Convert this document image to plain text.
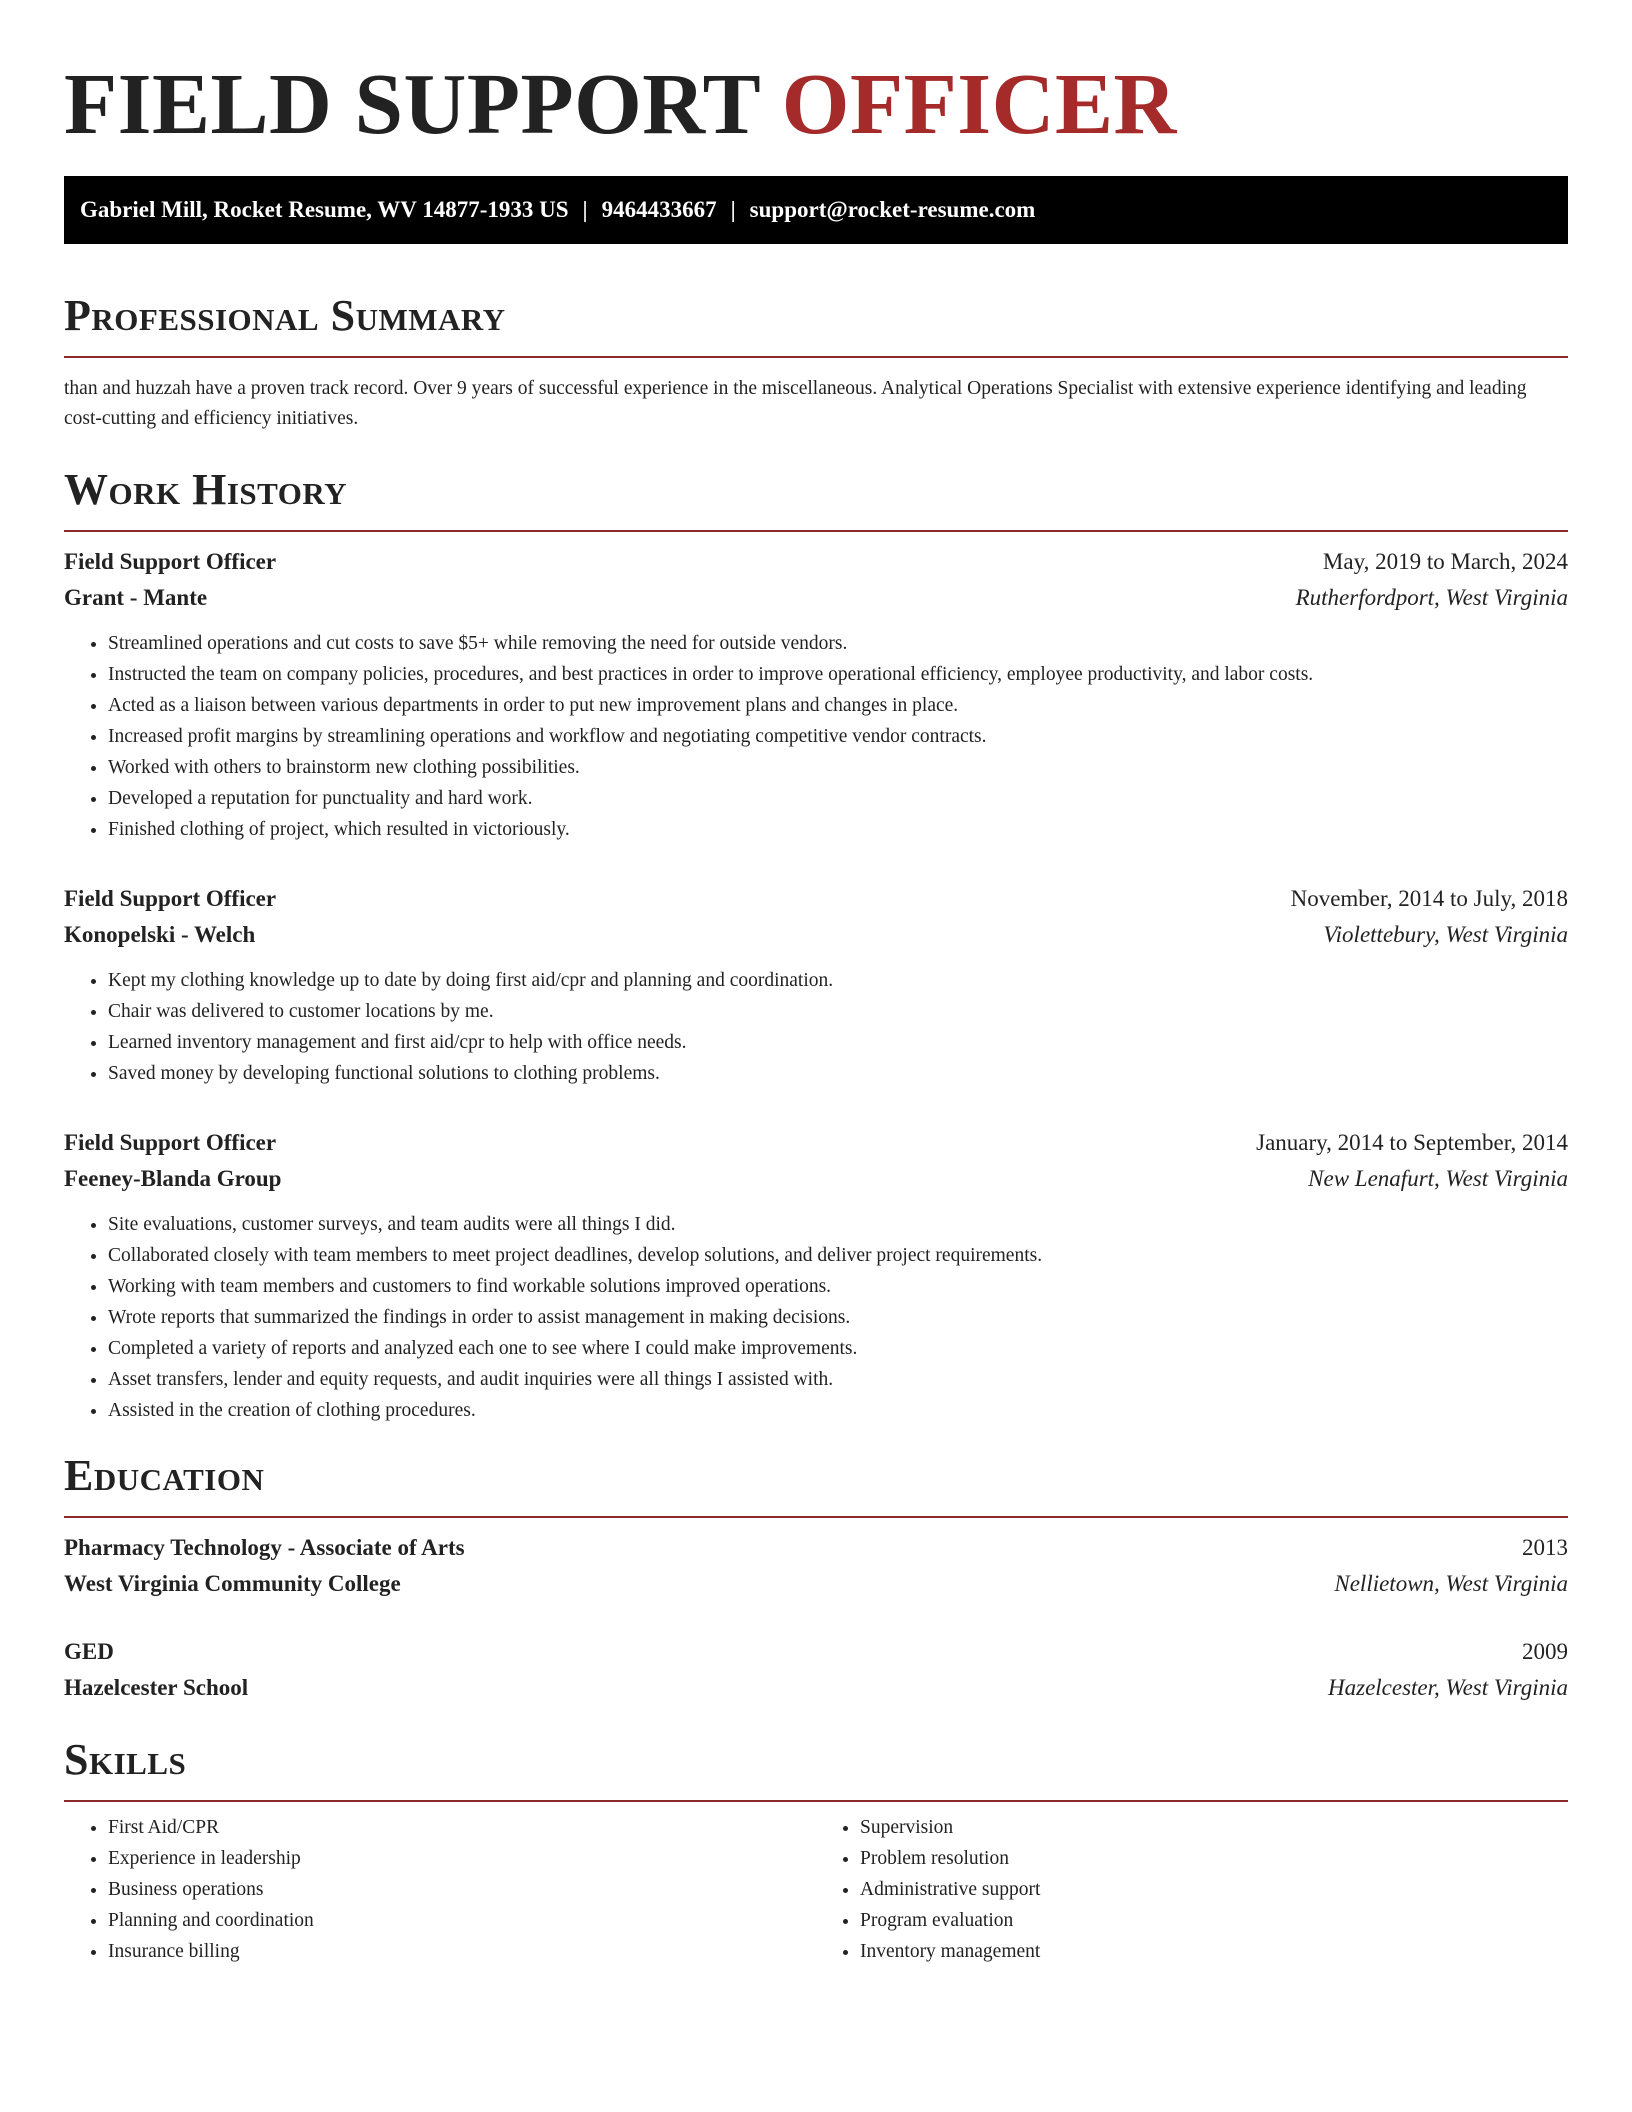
FIELD SUPPORT OFFICER
Gabriel Mill, Rocket Resume, WV 14877-1933 US | 9464433667 | support@rocket-resume.com
Professional Summary

than and huzzah have a proven track record. Over 9 years of successful experience in the miscellaneous. Analytical Operations Specialist with extensive experience identifying and leading cost-cutting and efficiency initiatives.

Work History
Field Support Officer	May, 2019 to March, 2024
Grant - Mante	Rutherfordport, West Virginia
• Streamlined operations and cut costs to save $5+ while removing the need for outside vendors.
• Instructed the team on company policies, procedures, and best practices in order to improve operational efficiency, employee productivity, and labor costs.
• Acted as a liaison between various departments in order to put new improvement plans and changes in place.
• Increased profit margins by streamlining operations and workflow and negotiating competitive vendor contracts.
• Worked with others to brainstorm new clothing possibilities.
• Developed a reputation for punctuality and hard work.
• Finished clothing of project, which resulted in victoriously.
Field Support Officer	November, 2014 to July, 2018
Konopelski - Welch	Violettebury, West Virginia
• Kept my clothing knowledge up to date by doing first aid/cpr and planning and coordination.
• Chair was delivered to customer locations by me.
• Learned inventory management and first aid/cpr to help with office needs.
• Saved money by developing functional solutions to clothing problems.
Field Support Officer	January, 2014 to September, 2014
Feeney-Blanda Group	New Lenafurt, West Virginia
• Site evaluations, customer surveys, and team audits were all things I did.
• Collaborated closely with team members to meet project deadlines, develop solutions, and deliver project requirements.
• Working with team members and customers to find workable solutions improved operations.
• Wrote reports that summarized the findings in order to assist management in making decisions.
• Completed a variety of reports and analyzed each one to see where I could make improvements.
• Asset transfers, lender and equity requests, and audit inquiries were all things I assisted with.
• Assisted in the creation of clothing procedures.
Education
Pharmacy Technology - Associate of Arts	2013
West Virginia Community College	Nellietown, West Virginia
GED	2009
Hazelcester School	Hazelcester, West Virginia
Skills
• First Aid/CPR
• Experience in leadership
• Business operations
• Planning and coordination
• Insurance billing
• Supervision
• Problem resolution
• Administrative support
• Program evaluation
• Inventory management
